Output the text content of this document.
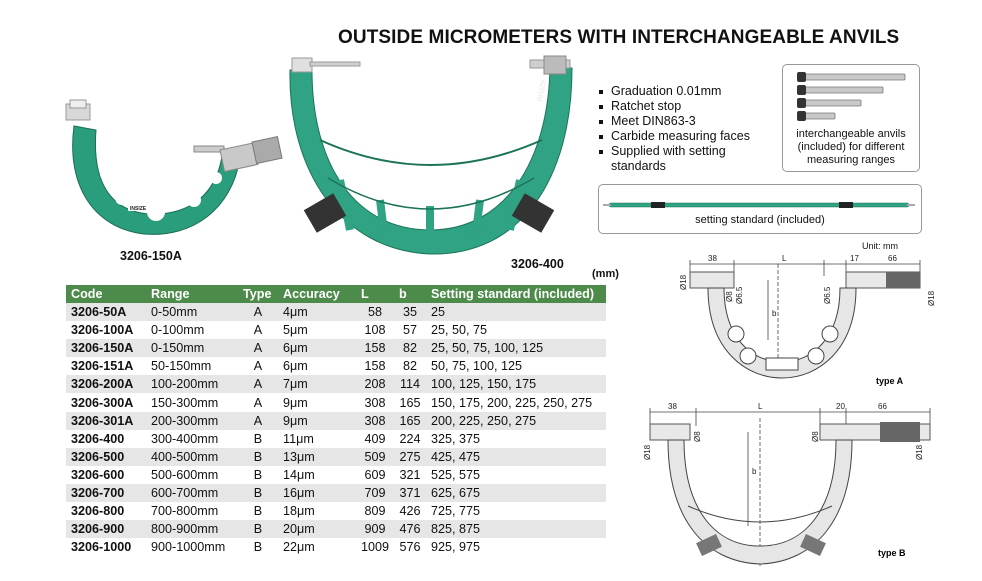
OUTSIDE MICROMETERS WITH INTERCHANGEABLE ANVILS
INSIZE
3206-150A
INSIZE
3206-400
Graduation 0.01mm
Ratchet stop
Meet DIN863-3
Carbide measuring faces
Supplied with setting standards
interchangeable anvils (included) for different measuring ranges
setting standard (included)
Unit: mm
(mm)
Code	Range	Type	Accuracy	L	b	Setting standard (included)
3206-50A	0-50mm	A	4μm	58	35	25
3206-100A	0-100mm	A	5μm	108	57	25, 50, 75
3206-150A	0-150mm	A	6μm	158	82	25, 50, 75, 100, 125
3206-151A	50-150mm	A	6μm	158	82	50, 75, 100, 125
3206-200A	100-200mm	A	7μm	208	114	100, 125, 150, 175
3206-300A	150-300mm	A	9μm	308	165	150, 175, 200, 225, 250, 275
3206-301A	200-300mm	A	9μm	308	165	200, 225, 250, 275
3206-400	300-400mm	B	11μm	409	224	325, 375
3206-500	400-500mm	B	13μm	509	275	425, 475
3206-600	500-600mm	B	14μm	609	321	525, 575
3206-700	600-700mm	B	16μm	709	371	625, 675
3206-800	700-800mm	B	18μm	809	426	725, 775
3206-900	800-900mm	B	20μm	909	476	825, 875
3206-1000	900-1000mm	B	22μm	1009	576	925, 975
38	L	17	66
Ø18
Ø8 Ø6.5	Ø6.5	Ø18
b
type A
38	L	20	66
Ø18
Ø8	Ø8
Ø18
b
type B
